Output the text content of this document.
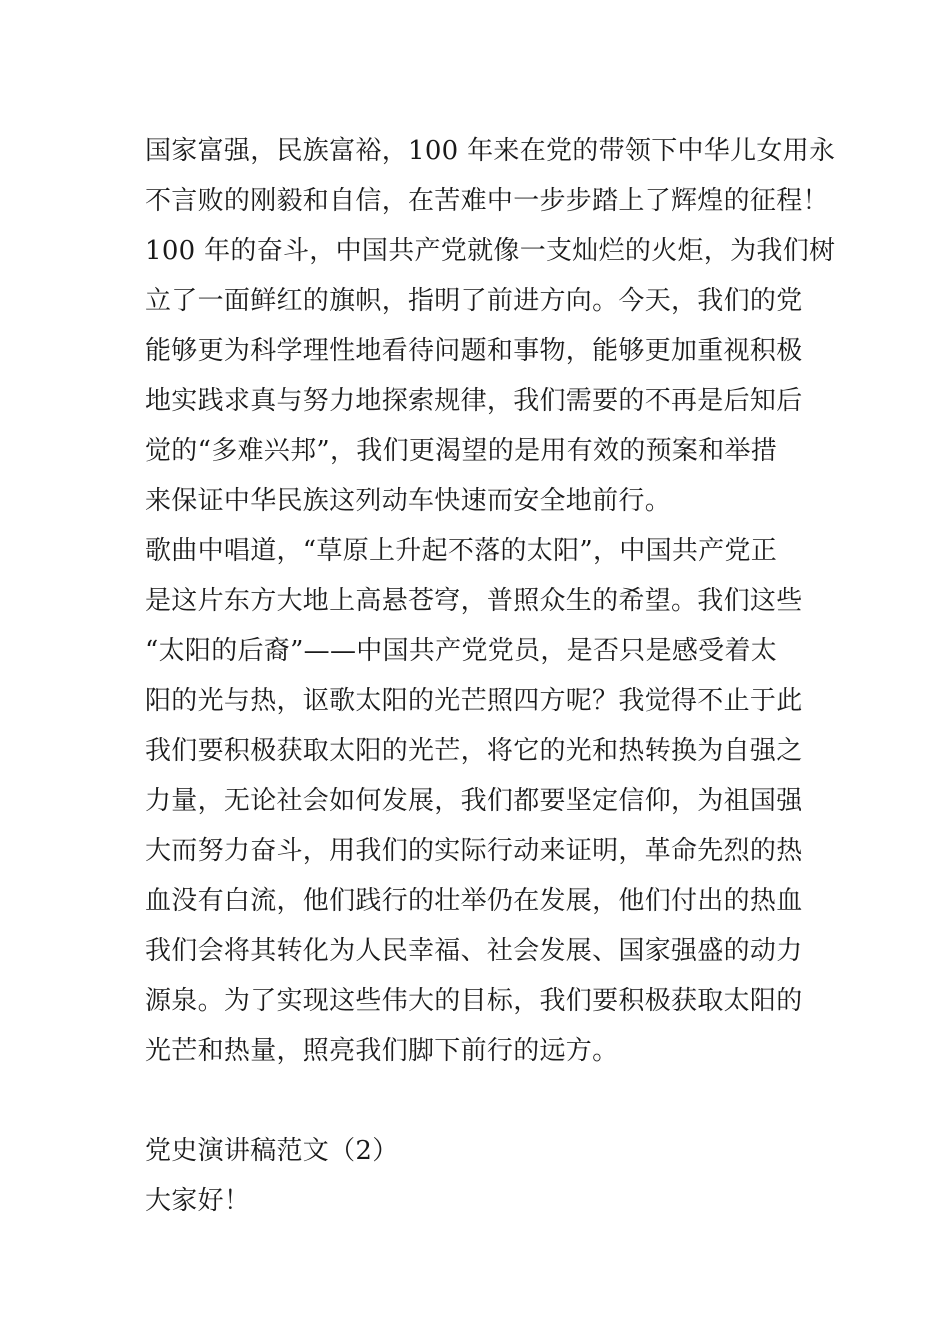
国家富强，民族富裕，100 年来在党的带领下中华儿女用永
不言败的刚毅和自信，在苦难中一步步踏上了辉煌的征程！
100 年的奋斗，中国共产党就像一支灿烂的火炬，为我们树
立了一面鲜红的旗帜，指明了前进方向。今天，我们的党
能够更为科学理性地看待问题和事物，能够更加重视积极
地实践求真与努力地探索规律，我们需要的不再是后知后
觉的“多难兴邦”，我们更渴望的是用有效的预案和举措
来保证中华民族这列动车快速而安全地前行。
歌曲中唱道，“草原上升起不落的太阳”，中国共产党正
是这片东方大地上高悬苍穹，普照众生的希望。我们这些
“太阳的后裔”——中国共产党党员，是否只是感受着太
阳的光与热，讴歌太阳的光芒照四方呢？我觉得不止于此
我们要积极获取太阳的光芒，将它的光和热转换为自强之
力量，无论社会如何发展，我们都要坚定信仰，为祖国强
大而努力奋斗，用我们的实际行动来证明，革命先烈的热
血没有白流，他们践行的壮举仍在发展，他们付出的热血
我们会将其转化为人民幸福、社会发展、国家强盛的动力
源泉。为了实现这些伟大的目标，我们要积极获取太阳的
光芒和热量，照亮我们脚下前行的远方。
党史演讲稿范文（2）
大家好！
